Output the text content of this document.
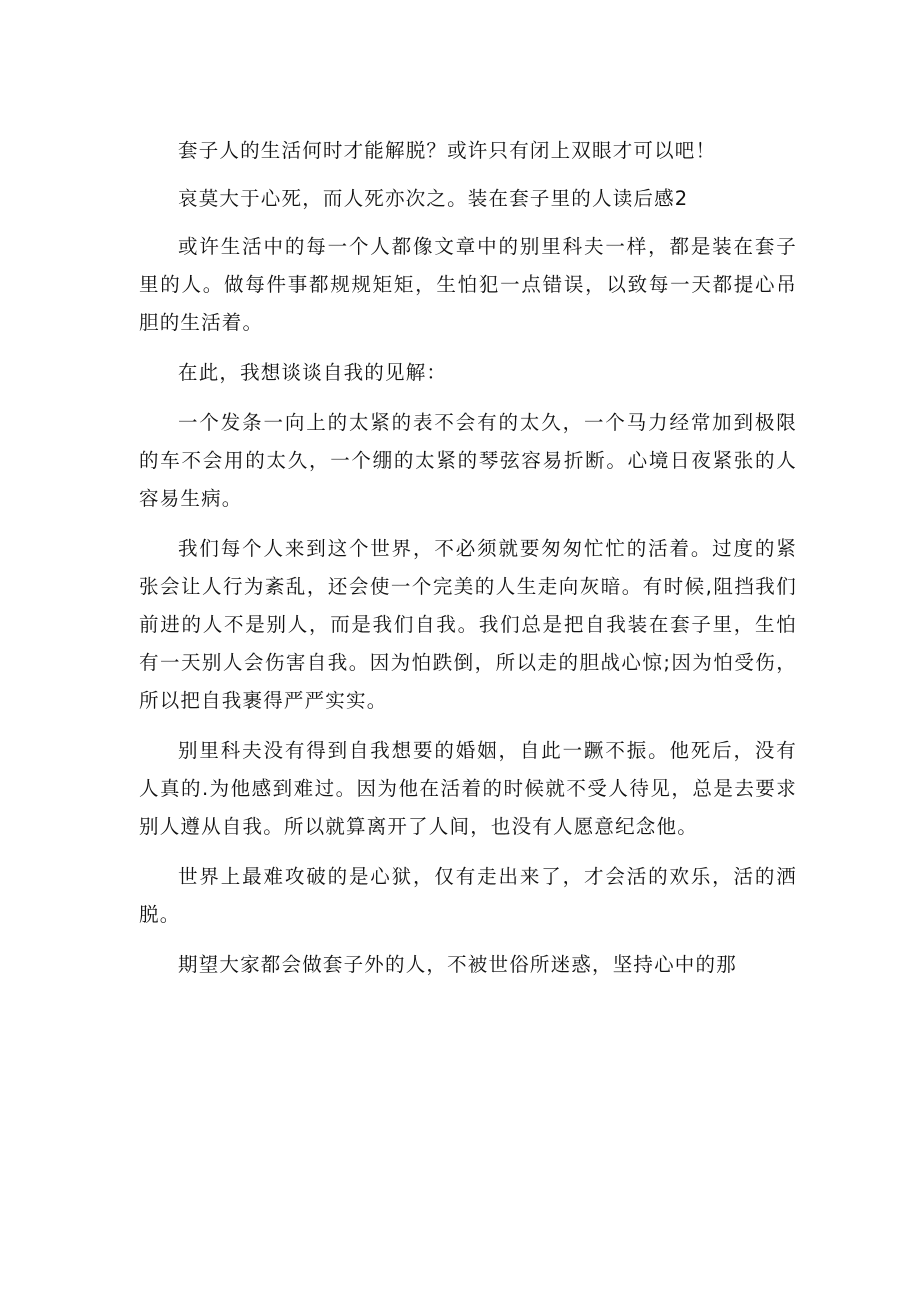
套子人的生活何时才能解脱？或许只有闭上双眼才可以吧！

哀莫大于心死，而人死亦次之。装在套子里的人读后感2

或许生活中的每一个人都像文章中的别里科夫一样，都是装在套子里的人。做每件事都规规矩矩，生怕犯一点错误，以致每一天都提心吊胆的生活着。

在此，我想谈谈自我的见解：

一个发条一向上的太紧的表不会有的太久，一个马力经常加到极限的车不会用的太久，一个绷的太紧的琴弦容易折断。心境日夜紧张的人容易生病。

我们每个人来到这个世界，不必须就要匆匆忙忙的活着。过度的紧张会让人行为紊乱，还会使一个完美的人生走向灰暗。有时候,阻挡我们前进的人不是别人，而是我们自我。我们总是把自我装在套子里，生怕有一天别人会伤害自我。因为怕跌倒，所以走的胆战心惊;因为怕受伤，所以把自我裹得严严实实。

别里科夫没有得到自我想要的婚姻，自此一蹶不振。他死后，没有人真的.为他感到难过。因为他在活着的时候就不受人待见，总是去要求别人遵从自我。所以就算离开了人间，也没有人愿意纪念他。

世界上最难攻破的是心狱，仅有走出来了，才会活的欢乐，活的洒脱。

期望大家都会做套子外的人，不被世俗所迷惑，坚持心中的那
